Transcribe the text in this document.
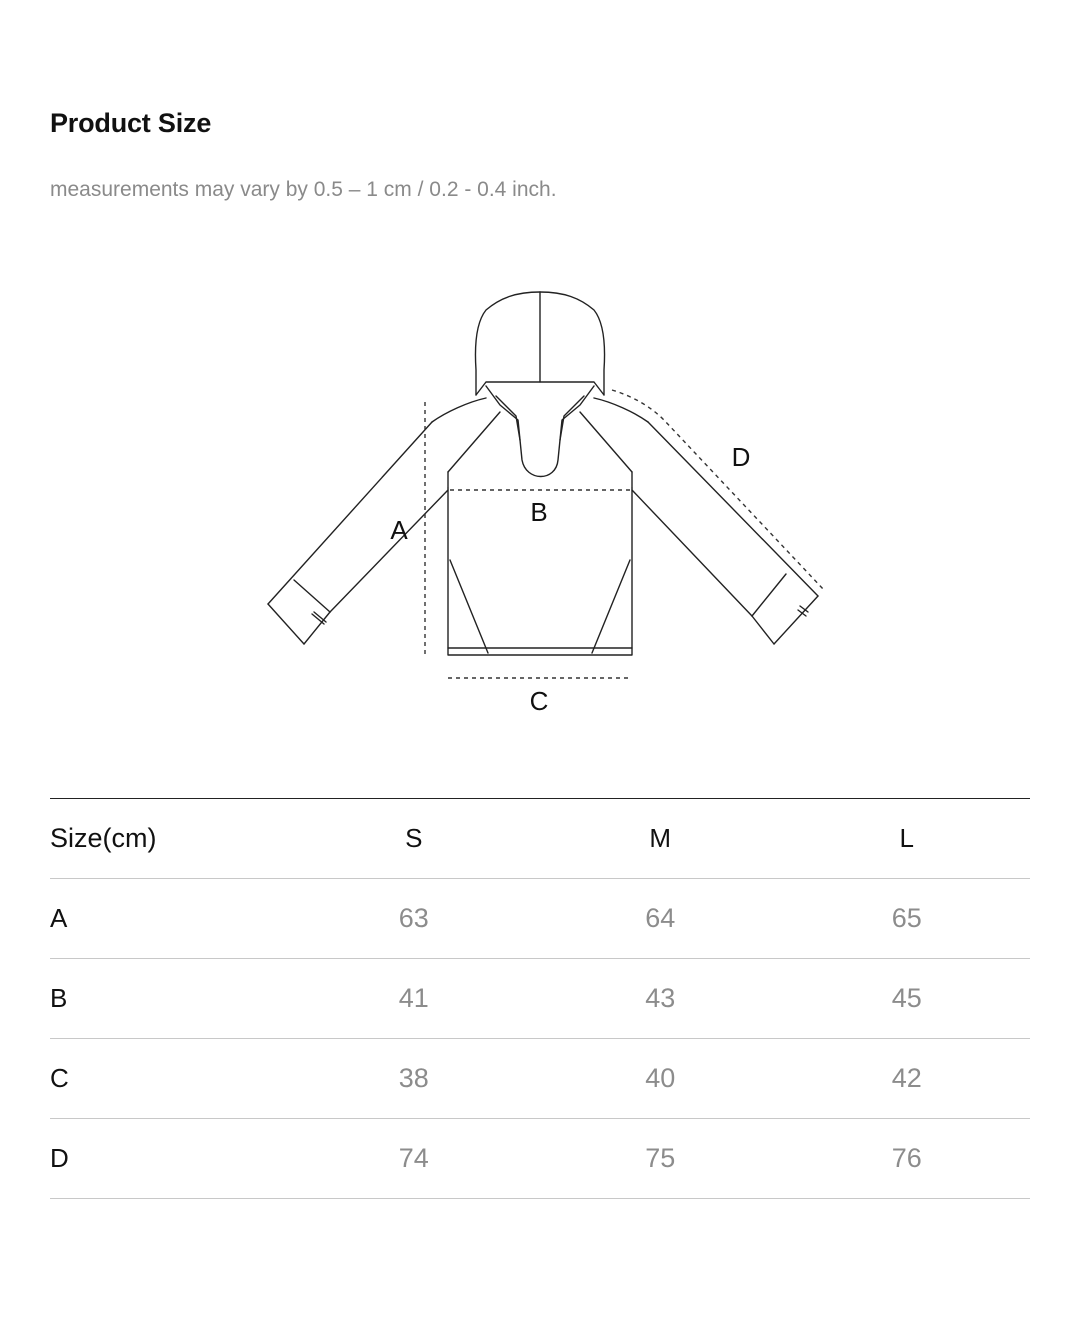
Product Size
measurements may vary by 0.5 – 1 cm / 0.2 - 0.4 inch.
A
B
C
D
Size(cm)	S	M	L
A	63	64	65
B	41	43	45
C	38	40	42
D	74	75	76
